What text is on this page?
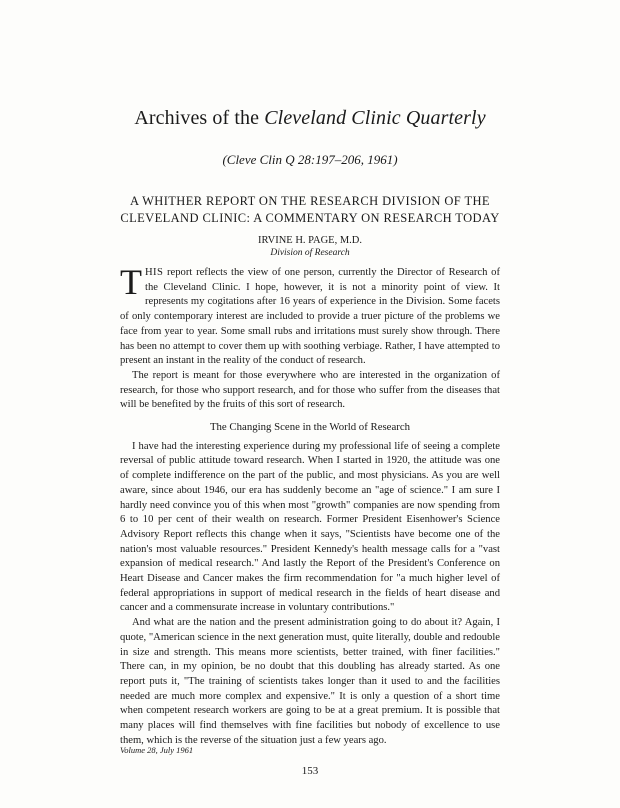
Archives of the Cleveland Clinic Quarterly
(Cleve Clin Q 28:197–206, 1961)
A WHITHER REPORT ON THE RESEARCH DIVISION OF THE
CLEVELAND CLINIC: A COMMENTARY ON RESEARCH TODAY
IRVINE H. PAGE, M.D.
Division of Research

THIS report reflects the view of one person, currently the Director of Research of the Cleveland Clinic. I hope, however, it is not a minority point of view. It represents my cogitations after 16 years of experience in the Division. Some facets of only contemporary interest are included to provide a truer picture of the problems we face from year to year. Some small rubs and irritations must surely show through. There has been no attempt to cover them up with soothing verbiage. Rather, I have attempted to present an instant in the reality of the conduct of research.

The report is meant for those everywhere who are interested in the organization of research, for those who support research, and for those who suffer from the diseases that will be benefited by the fruits of this sort of research.

The Changing Scene in the World of Research

I have had the interesting experience during my professional life of seeing a complete reversal of public attitude toward research. When I started in 1920, the attitude was one of complete indifference on the part of the public, and most physicians. As you are well aware, since about 1946, our era has suddenly become an "age of science." I am sure I hardly need convince you of this when most "growth" companies are now spending from 6 to 10 per cent of their wealth on research. Former President Eisenhower's Science Advisory Report reflects this change when it says, "Scientists have become one of the nation's most valuable resources." President Kennedy's health message calls for a "vast expansion of medical research." And lastly the Report of the President's Conference on Heart Disease and Cancer makes the firm recommendation for "a much higher level of federal appropriations in support of medical research in the fields of heart disease and cancer and a commensurate increase in voluntary contributions."

And what are the nation and the present administration going to do about it? Again, I quote, "American science in the next generation must, quite literally, double and redouble in size and strength. This means more scientists, better trained, with finer facilities." There can, in my opinion, be no doubt that this doubling has already started. As one report puts it, "The training of scientists takes longer than it used to and the facilities needed are much more complex and expensive." It is only a question of a short time when competent research workers are going to be at a great premium. It is possible that many places will find themselves with fine facilities but nobody of excellence to use them, which is the reverse of the situation just a few years ago.

Volume 28, July 1961
153
